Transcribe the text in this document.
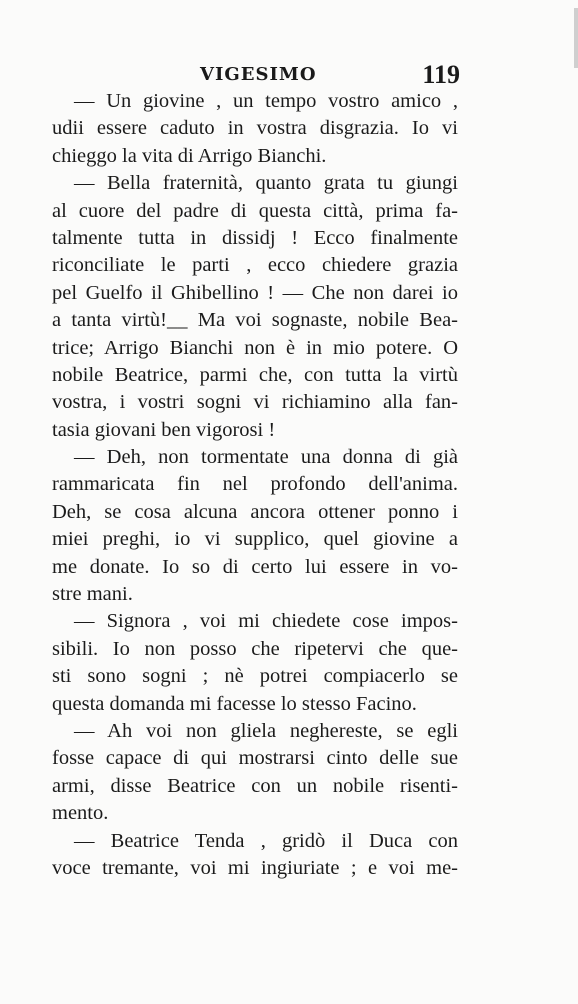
VIGESIMO	119
— Un giovine , un tempo vostro amico ,
udii essere caduto in vostra disgrazia. Io vi
chieggo la vita di Arrigo Bianchi.
— Bella fraternità, quanto grata tu giungi
al cuore del padre di questa città, prima fa-
talmente tutta in dissidj ! Ecco finalmente
riconciliate le parti , ecco chiedere grazia
pel Guelfo il Ghibellino ! — Che non darei io
a tanta virtù!__ Ma voi sognaste, nobile Bea-
trice; Arrigo Bianchi non è in mio potere. O
nobile Beatrice, parmi che, con tutta la virtù
vostra, i vostri sogni vi richiamino alla fan-
tasia giovani ben vigorosi !
— Deh, non tormentate una donna di già
rammaricata fin nel profondo dell'anima.
Deh, se cosa alcuna ancora ottener ponno i
miei preghi, io vi supplico, quel giovine a
me donate. Io so di certo lui essere in vo-
stre mani.
— Signora , voi mi chiedete cose impos-
sibili. Io non posso che ripetervi che que-
sti sono sogni ; nè potrei compiacerlo se
questa domanda mi facesse lo stesso Facino.
— Ah voi non gliela neghereste, se egli
fosse capace di qui mostrarsi cinto delle sue
armi, disse Beatrice con un nobile risenti-
mento.
— Beatrice Tenda , gridò il Duca con
voce tremante, voi mi ingiuriate ; e voi me-
